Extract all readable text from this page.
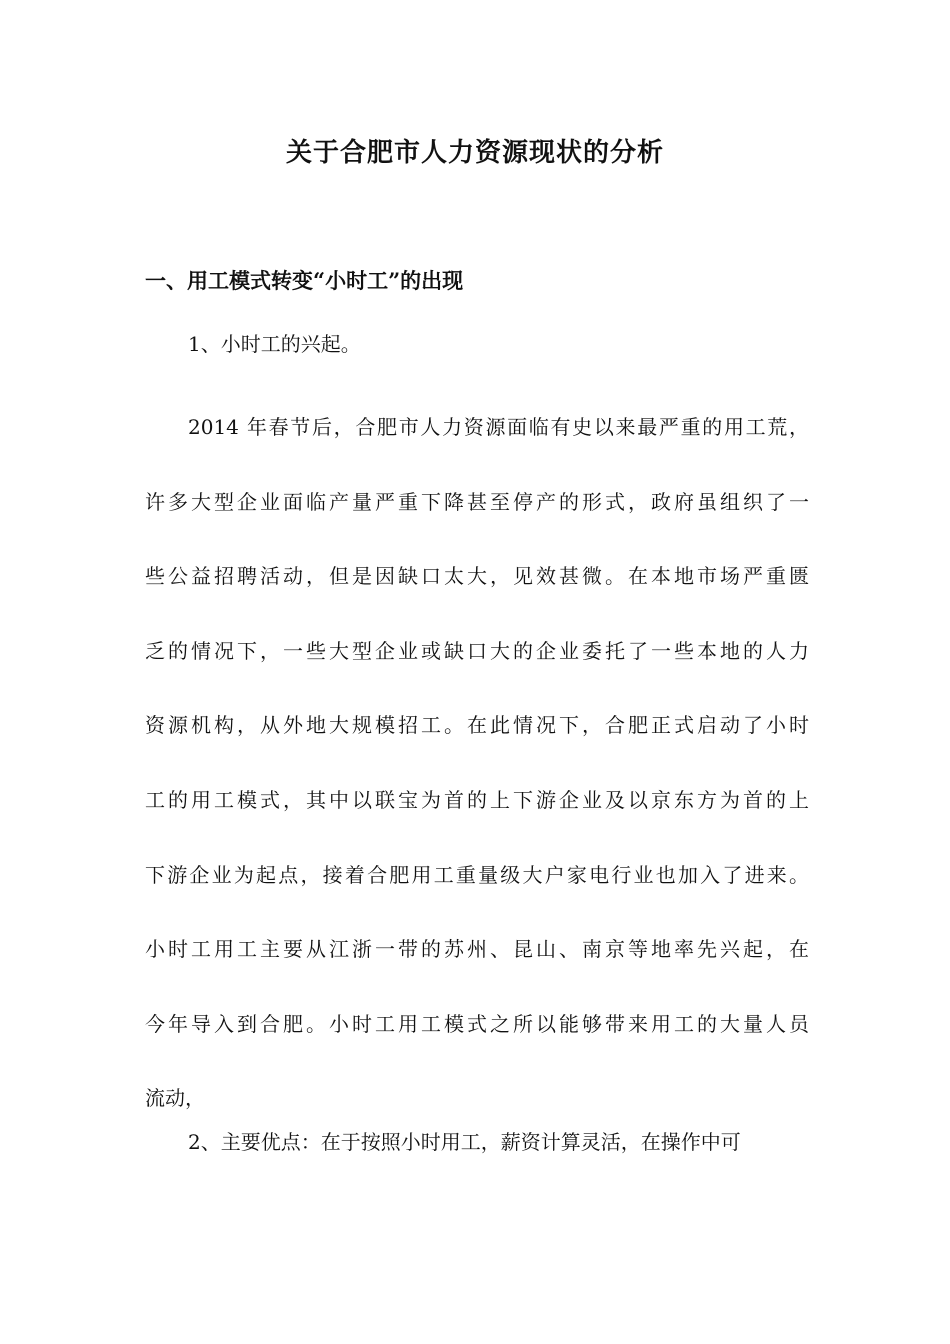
关于合肥市人力资源现状的分析
一、用工模式转变“小时工”的出现

1、小时工的兴起。

2014 年春节后，合肥市人力资源面临有史以来最严重的用工荒，
许多大型企业面临产量严重下降甚至停产的形式，政府虽组织了一
些公益招聘活动，但是因缺口太大，见效甚微。在本地市场严重匮
乏的情况下，一些大型企业或缺口大的企业委托了一些本地的人力
资源机构，从外地大规模招工。在此情况下，合肥正式启动了小时
工的用工模式，其中以联宝为首的上下游企业及以京东方为首的上
下游企业为起点，接着合肥用工重量级大户家电行业也加入了进来。
小时工用工主要从江浙一带的苏州、昆山、南京等地率先兴起，在
今年导入到合肥。小时工用工模式之所以能够带来用工的大量人员
流动，

2、主要优点：在于按照小时用工，薪资计算灵活，在操作中可
